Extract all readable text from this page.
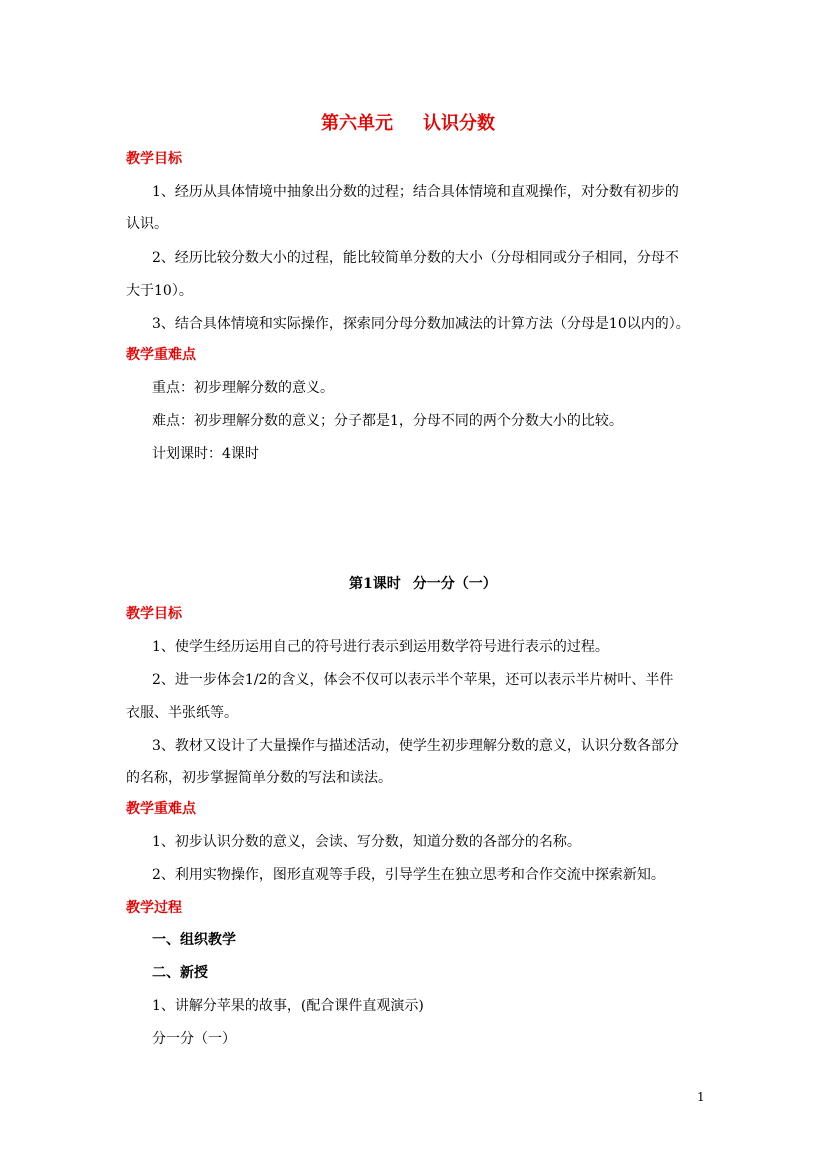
第六单元 认识分数
教学目标
1、经历从具体情境中抽象出分数的过程；结合具体情境和直观操作，对分数有初步的
认识。
2、经历比较分数大小的过程，能比较简单分数的大小（分母相同或分子相同，分母不
大于10）。
3、结合具体情境和实际操作，探索同分母分数加减法的计算方法（分母是10以内的）。
教学重难点
重点：初步理解分数的意义。
难点：初步理解分数的意义；分子都是1，分母不同的两个分数大小的比较。
计划课时：4课时
第1课时 分一分（一）
教学目标
1、使学生经历运用自己的符号进行表示到运用数学符号进行表示的过程。
2、进一步体会1/2的含义，体会不仅可以表示半个苹果，还可以表示半片树叶、半件
衣服、半张纸等。
3、教材又设计了大量操作与描述活动，使学生初步理解分数的意义，认识分数各部分
的名称，初步掌握简单分数的写法和读法。
教学重难点
1、初步认识分数的意义，会读、写分数，知道分数的各部分的名称。
2、利用实物操作，图形直观等手段，引导学生在独立思考和合作交流中探索新知。
教学过程
一、组织教学
二、新授
1、讲解分苹果的故事，(配合课件直观演示)
分一分（一）
1
